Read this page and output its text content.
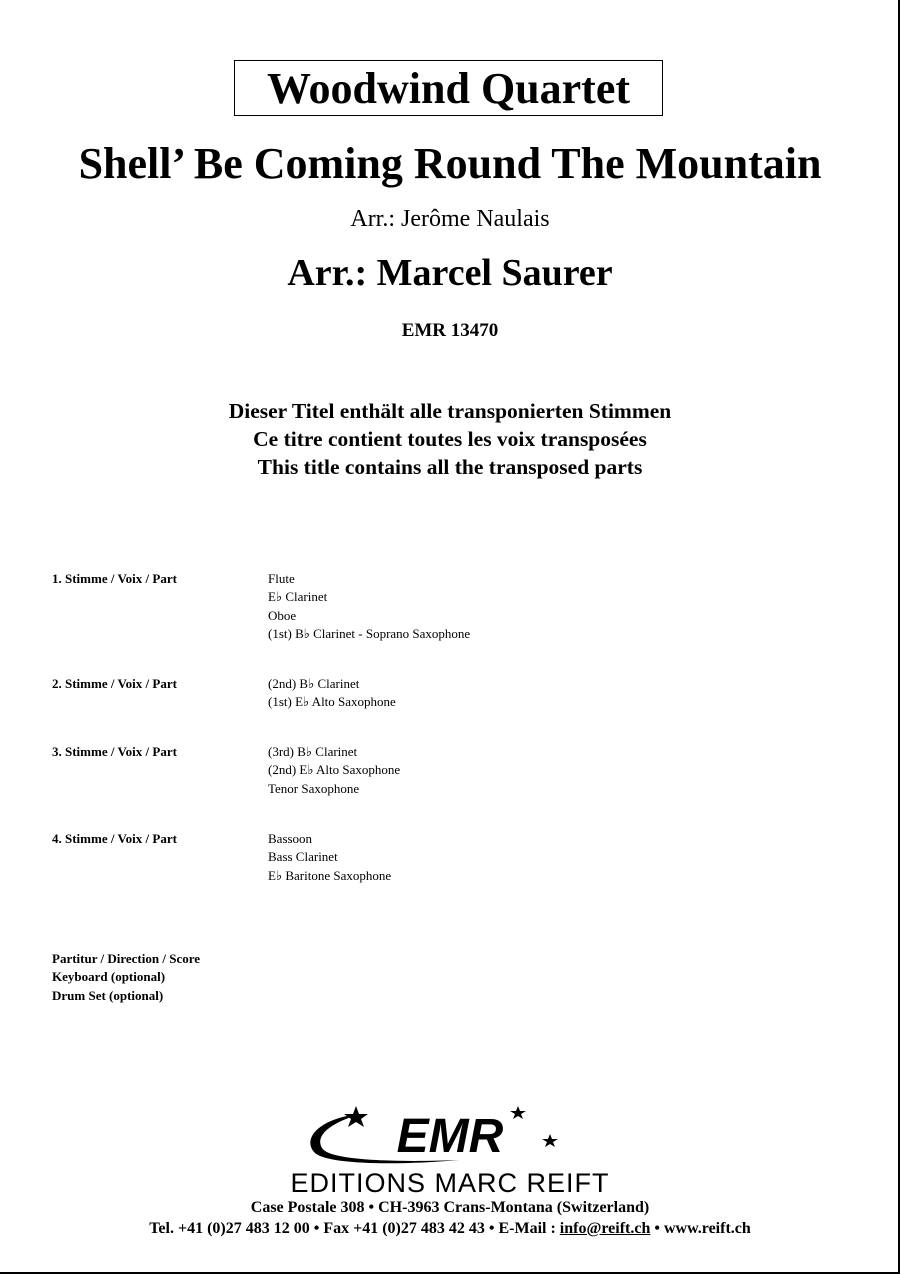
Woodwind Quartet
Shell’ Be Coming Round The Mountain
Arr.: Jerôme Naulais
Arr.: Marcel Saurer
EMR 13470
Dieser Titel enthält alle transponierten Stimmen
Ce titre contient toutes les voix transposées
This title contains all the transposed parts
1. Stimme / Voix / Part	Flute
E♭ Clarinet
Oboe
(1st) B♭ Clarinet - Soprano Saxophone
2. Stimme / Voix / Part	(2nd) B♭ Clarinet
(1st) E♭ Alto Saxophone
3. Stimme / Voix / Part	(3rd) B♭ Clarinet
(2nd) E♭ Alto Saxophone
Tenor Saxophone
4. Stimme / Voix / Part	Bassoon
Bass Clarinet
E♭ Baritone Saxophone
Partitur / Direction / Score
Keyboard (optional)
Drum Set (optional)
EMR
EDITIONS MARC REIFT
Case Postale 308 • CH-3963 Crans-Montana (Switzerland)
Tel. +41 (0)27 483 12 00 • Fax +41 (0)27 483 42 43 • E-Mail : info@reift.ch • www.reift.ch
